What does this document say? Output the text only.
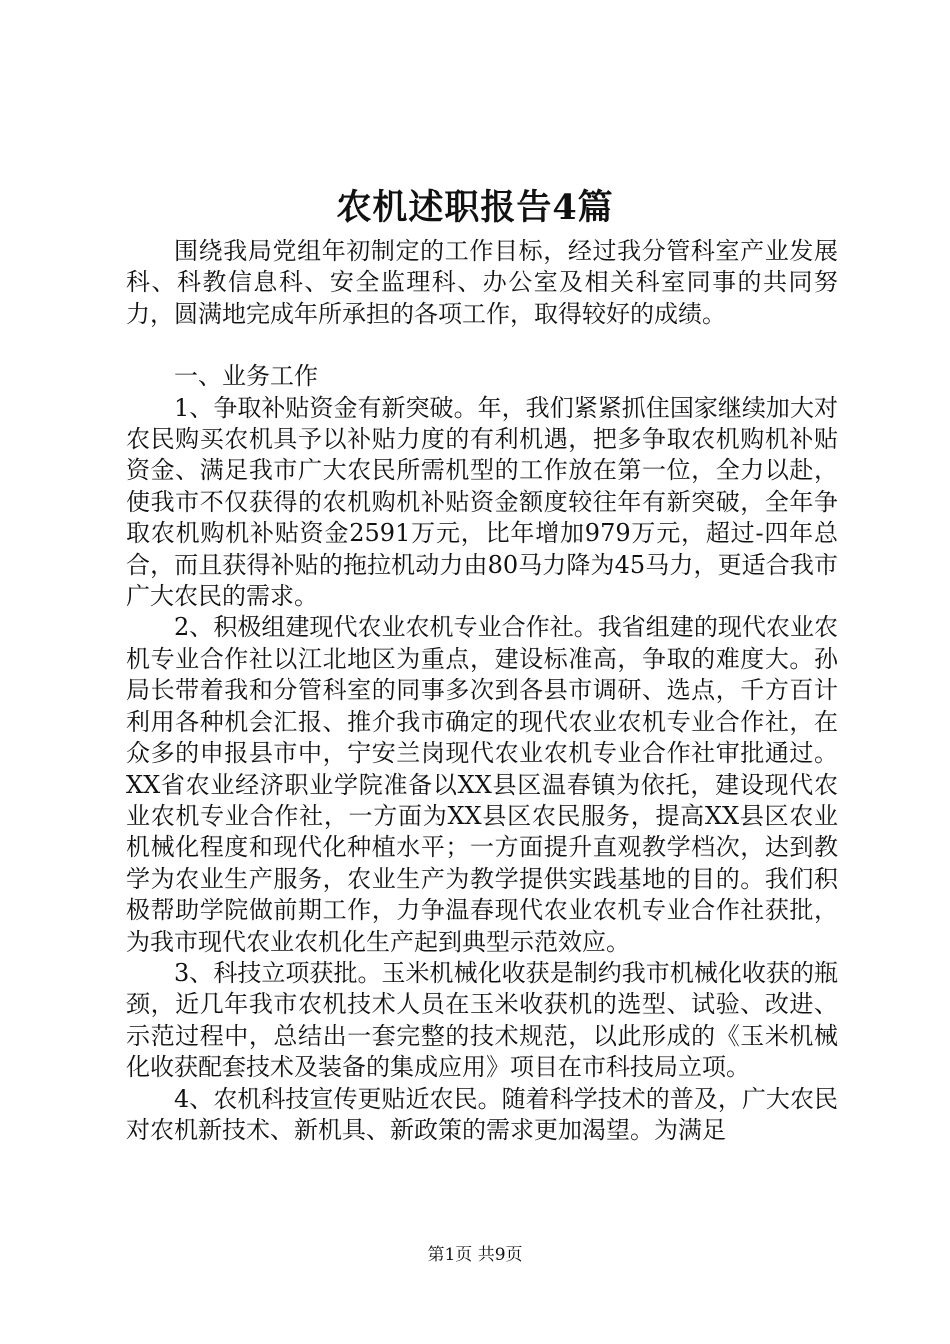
农机述职报告4篇

围绕我局党组年初制定的工作目标，经过我分管科室产业发展科、科教信息科、安全监理科、办公室及相关科室同事的共同努力，圆满地完成年所承担的各项工作，取得较好的成绩。

一、业务工作

1、争取补贴资金有新突破。年，我们紧紧抓住国家继续加大对农民购买农机具予以补贴力度的有利机遇，把多争取农机购机补贴资金、满足我市广大农民所需机型的工作放在第一位，全力以赴，使我市不仅获得的农机购机补贴资金额度较往年有新突破，全年争取农机购机补贴资金2591万元，比年增加979万元，超过-四年总合，而且获得补贴的拖拉机动力由80马力降为45马力，更适合我市广大农民的需求。

2、积极组建现代农业农机专业合作社。我省组建的现代农业农机专业合作社以江北地区为重点，建设标准高，争取的难度大。孙局长带着我和分管科室的同事多次到各县市调研、选点，千方百计利用各种机会汇报、推介我市确定的现代农业农机专业合作社，在众多的申报县市中，宁安兰岗现代农业农机专业合作社审批通过。XX省农业经济职业学院准备以XX县区温春镇为依托，建设现代农业农机专业合作社，一方面为XX县区农民服务，提高XX县区农业机械化程度和现代化种植水平；一方面提升直观教学档次，达到教学为农业生产服务，农业生产为教学提供实践基地的目的。我们积极帮助学院做前期工作，力争温春现代农业农机专业合作社获批，为我市现代农业农机化生产起到典型示范效应。

3、科技立项获批。玉米机械化收获是制约我市机械化收获的瓶颈，近几年我市农机技术人员在玉米收获机的选型、试验、改进、示范过程中，总结出一套完整的技术规范，以此形成的《玉米机械化收获配套技术及装备的集成应用》项目在市科技局立项。

4、农机科技宣传更贴近农民。随着科学技术的普及，广大农民对农机新技术、新机具、新政策的需求更加渴望。为满足

第1页 共9页
